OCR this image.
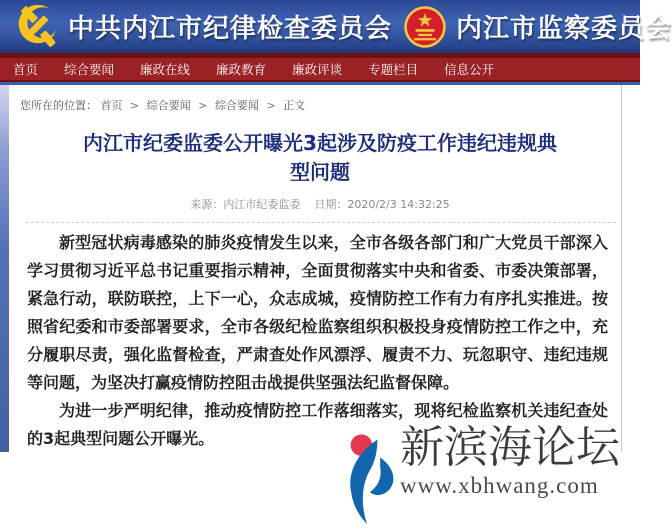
中共内江市纪律检查委员会 内江市监察委员会
首页	综合要闻	廉政在线	廉政教育	廉政评谈	专题栏目	信息公开
您所在的位置： 首页 > 综合要闻 > 综合要闻 > 正文
内江市纪委监委公开曝光3起涉及防疫工作违纪违规典型问题
来源：内江市纪委监委 日期：2020/2/3 14:32:25

新型冠状病毒感染的肺炎疫情发生以来，全市各级各部门和广大党员干部深入学习贯彻习近平总书记重要指示精神，全面贯彻落实中央和省委、市委决策部署，紧急行动，联防联控，上下一心，众志成城，疫情防控工作有力有序扎实推进。按照省纪委和市委部署要求，全市各级纪检监察组织积极投身疫情防控工作之中，充分履职尽责，强化监督检查，严肃查处作风漂浮、履责不力、玩忽职守、违纪违规等问题，为坚决打赢疫情防控阻击战提供坚强法纪监督保障。

为进一步严明纪律，推动疫情防控工作落细落实，现将纪检监察机关违纪查处的3起典型问题公开曝光。	新滨海论坛
www.xbhwang.com
